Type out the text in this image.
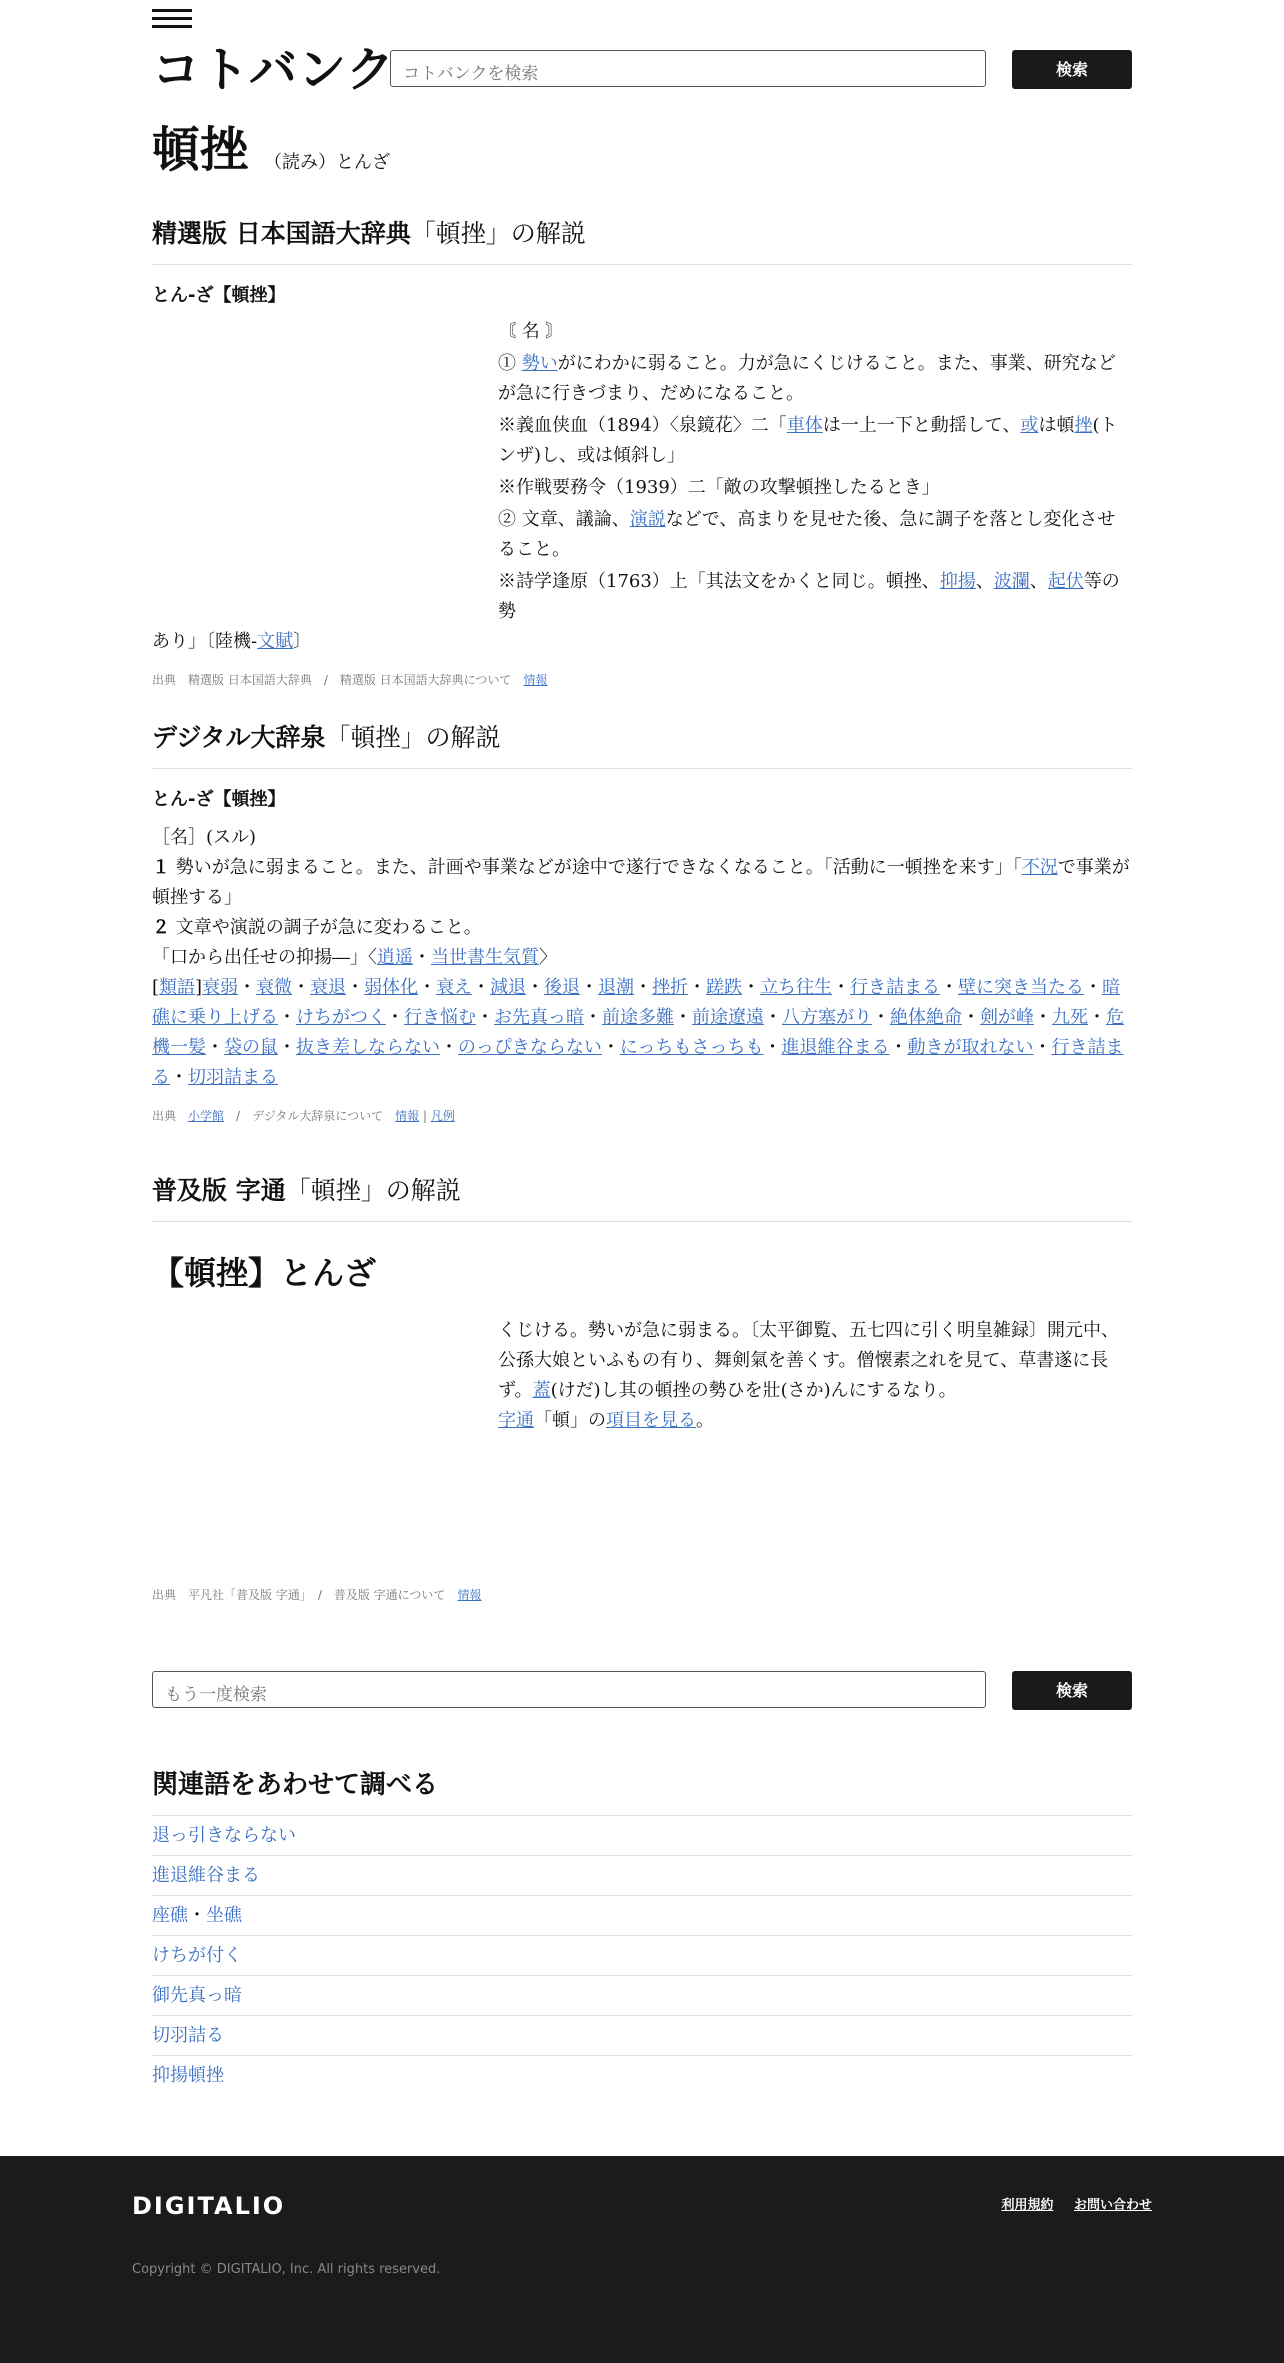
コトバンク コトバンクを検索	検索
頓挫 （読み）とんざ
精選版 日本国語大辞典「頓挫」の解説
とん‐ざ【頓挫】
〘 名 〙
① 勢いがにわかに弱ること。力が急にくじけること。また、事業、研究などが急に行きづまり、だめになること。
※義血侠血（1894）〈泉鏡花〉二「車体は一上一下と動揺して、或は頓挫(トンザ)し、或は傾斜し」
※作戦要務令（1939）二「敵の攻撃頓挫したるとき」
② 文章、議論、演説などで、高まりを見せた後、急に調子を落とし変化させること。
※詩学逢原（1763）上「其法文をかくと同じ。頓挫、抑揚、波瀾、起伏等の勢
あり」〔陸機‐文賦〕
出典　精選版 日本国語大辞典　/　精選版 日本国語大辞典について　情報
デジタル大辞泉「頓挫」の解説
とん‐ざ【頓挫】
［名］(スル)
１ 勢いが急に弱まること。また、計画や事業などが途中で遂行できなくなること。「活動に一頓挫を来す」「不況で事業が頓挫する」
２ 文章や演説の調子が急に変わること。
「口から出任せの抑揚―」〈逍遥・当世書生気質〉
[類語]衰弱・衰微・衰退・弱体化・衰え・減退・後退・退潮・挫折・蹉跌・立ち往生・行き詰まる・壁に突き当たる・暗礁に乗り上げる・けちがつく・行き悩む・お先真っ暗・前途多難・前途遼遠・八方塞がり・絶体絶命・剣が峰・九死・危機一髪・袋の鼠・抜き差しならない・のっぴきならない・にっちもさっちも・進退維谷まる・動きが取れない・行き詰まる・切羽詰まる
出典　小学館　/　デジタル大辞泉について　情報 | 凡例
普及版 字通「頓挫」の解説
【頓挫】とんざ
くじける。勢いが急に弱まる。〔太平御覧、五七四に引く明皇雑録〕開元中、公孫大娘といふもの有り、舞剣氣を善くす。僧懐素之れを見て、草書遂に長ず。蓋(けだ)し其の頓挫の勢ひを壯(さか)んにするなり。
字通「頓」の項目を見る。
出典　平凡社「普及版 字通」　/　普及版 字通について　情報
もう一度検索	検索
関連語をあわせて調べる
退っ引きならない
進退維谷まる
座礁・坐礁
けちが付く
御先真っ暗
切羽詰る
抑揚頓挫
DIGITALIO	利用規約 お問い合わせ
Copyright © DIGITALIO, Inc. All rights reserved.
